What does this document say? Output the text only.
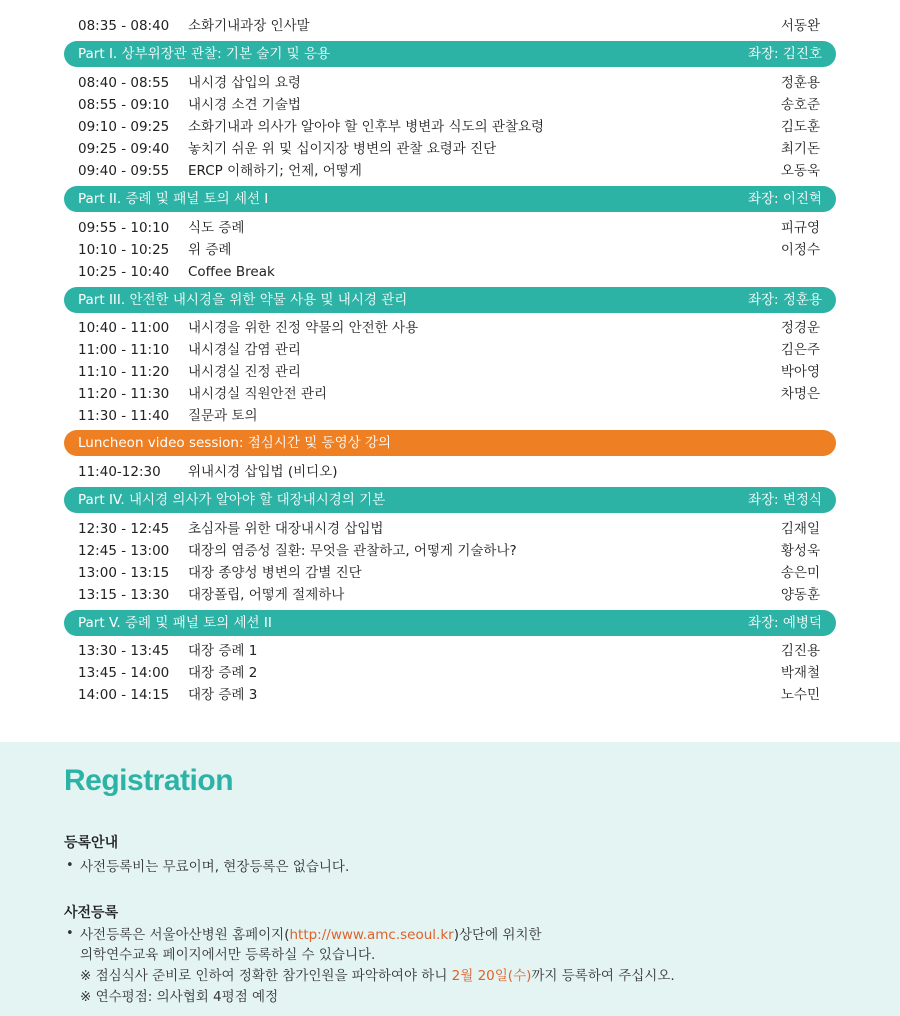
08:35 - 08:40 소화기내과장 인사말	서동완
Part I. 상부위장관 관찰: 기본 술기 및 응용	좌장: 김진호
08:40 - 08:55 내시경 삽입의 요령	정훈용
08:55 - 09:10 내시경 소견 기술법	송호준
09:10 - 09:25 소화기내과 의사가 알아야 할 인후부 병변과 식도의 관찰요령	김도훈
09:25 - 09:40 놓치기 쉬운 위 및 십이지장 병변의 관찰 요령과 진단	최기돈
09:40 - 09:55 ERCP 이해하기; 언제, 어떻게	오동욱
Part II. 증례 및 패널 토의 세션 I	좌장: 이진혁
09:55 - 10:10 식도 증례	피규영
10:10 - 10:25 위 증례	이정수
10:25 - 10:40 Coffee Break
Part III. 안전한 내시경을 위한 약물 사용 및 내시경 관리	좌장: 정훈용
10:40 - 11:00 내시경을 위한 진정 약물의 안전한 사용	정경운
11:00 - 11:10 내시경실 감염 관리	김은주
11:10 - 11:20 내시경실 진정 관리	박아영
11:20 - 11:30 내시경실 직원안전 관리	차명은
11:30 - 11:40 질문과 토의
Luncheon video session: 점심시간 및 동영상 강의
11:40-12:30 위내시경 삽입법 (비디오)
Part IV. 내시경 의사가 알아야 할 대장내시경의 기본	좌장: 변정식
12:30 - 12:45 초심자를 위한 대장내시경 삽입법	김재일
12:45 - 13:00 대장의 염증성 질환: 무엇을 관찰하고, 어떻게 기술하나?	황성욱
13:00 - 13:15 대장 종양성 병변의 감별 진단	송은미
13:15 - 13:30 대장폴립, 어떻게 절제하나	양동훈
Part V. 증례 및 패널 토의 세션 II	좌장: 예병덕
13:30 - 13:45 대장 증례 1	김진용
13:45 - 14:00 대장 증례 2	박재철
14:00 - 14:15 대장 증례 3	노수민
Registration
등록안내
• 사전등록비는 무료이며, 현장등록은 없습니다.
사전등록
• 사전등록은 서울아산병원 홈페이지(http://www.amc.seoul.kr)상단에 위치한
의학연수교육 페이지에서만 등록하실 수 있습니다.
※ 점심식사 준비로 인하여 정확한 참가인원을 파악하여야 하니 2월 20일(수)까지 등록하여 주십시오.
※ 연수평점: 의사협회 4평점 예정
